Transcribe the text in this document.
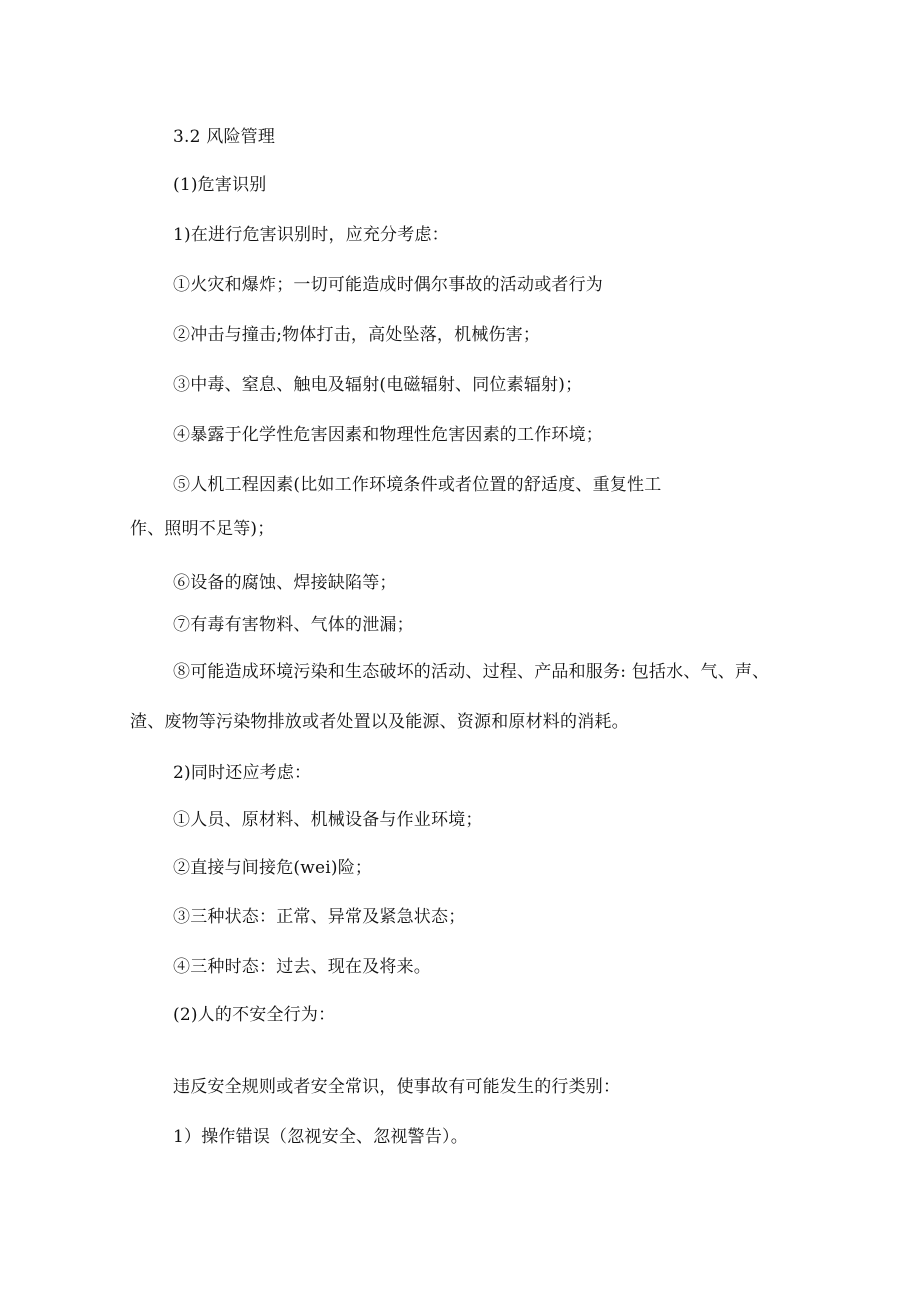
3.2 风险管理
(1)危害识别
1)在进行危害识别时，应充分考虑：
①火灾和爆炸；一切可能造成时偶尔事故的活动或者行为
②冲击与撞击;物体打击，高处坠落，机械伤害；
③中毒、窒息、触电及辐射(电磁辐射、同位素辐射)；
④暴露于化学性危害因素和物理性危害因素的工作环境；
⑤人机工程因素(比如工作环境条件或者位置的舒适度、重复性工
作、照明不足等)；
⑥设备的腐蚀、焊接缺陷等；
⑦有毒有害物料、气体的泄漏；
⑧可能造成环境污染和生态破坏的活动、过程、产品和服务: 包括水、气、声、
渣、废物等污染物排放或者处置以及能源、资源和原材料的消耗。
2)同时还应考虑：
①人员、原材料、机械设备与作业环境；
②直接与间接危(wei)险；
③三种状态：正常、异常及紧急状态；
④三种时态：过去、现在及将来。
(2)人的不安全行为：
违反安全规则或者安全常识，使事故有可能发生的行类别：
1）操作错误（忽视安全、忽视警告）。
